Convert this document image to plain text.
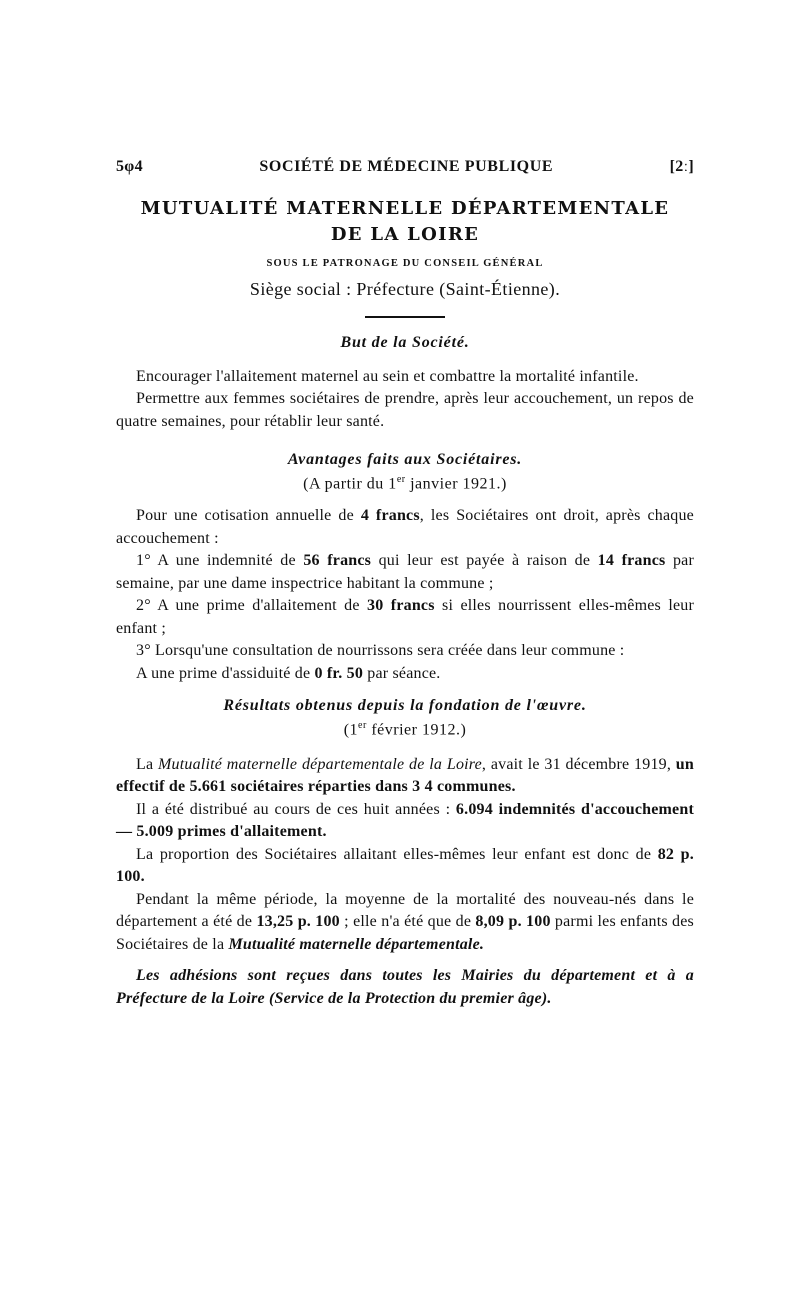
5φ4	SOCIÉTÉ DE MÉDECINE PUBLIQUE	[2ː]
MUTUALITÉ MATERNELLE DÉPARTEMENTALE
DE LA LOIRE
SOUS LE PATRONAGE DU CONSEIL GÉNÉRAL
Siège social : Préfecture (Saint-Étienne).
But de la Société.

Encourager l'allaitement maternel au sein et combattre la mortalité infantile.

Permettre aux femmes sociétaires de prendre, après leur accouchement, un repos de quatre semaines, pour rétablir leur santé.

Avantages faits aux Sociétaires.
(A partir du 1er janvier 1921.)

Pour une cotisation annuelle de 4 francs, les Sociétaires ont droit, après chaque accouchement :

1° A une indemnité de 56 francs qui leur est payée à raison de 14 francs par semaine, par une dame inspectrice habitant la commune ;

2° A une prime d'allaitement de 30 francs si elles nourrissent elles-mêmes leur enfant ;

3° Lorsqu'une consultation de nourrissons sera créée dans leur commune :

A une prime d'assiduité de 0 fr. 50 par séance.

Résultats obtenus depuis la fondation de l'œuvre.
(1er février 1912.)

La Mutualité maternelle départementale de la Loire, avait le 31 décembre 1919, un effectif de 5.661 sociétaires réparties dans 3 4 communes.

Il a été distribué au cours de ces huit années : 6.094 indemnités d'accouchement — 5.009 primes d'allaitement.

La proportion des Sociétaires allaitant elles-mêmes leur enfant est donc de 82 p. 100.

Pendant la même période, la moyenne de la mortalité des nouveau-nés dans le département a été de 13,25 p. 100 ; elle n'a été que de 8,09 p. 100 parmi les enfants des Sociétaires de la Mutualité maternelle départementale.

Les adhésions sont reçues dans toutes les Mairies du département et à a Préfecture de la Loire (Service de la Protection du premier âge).
